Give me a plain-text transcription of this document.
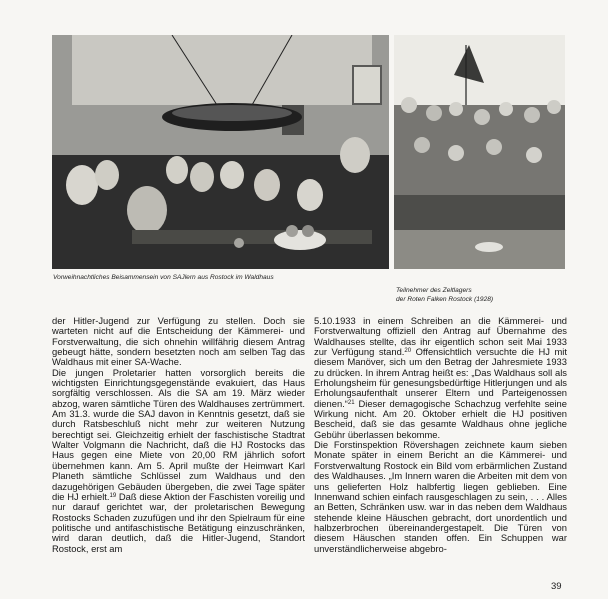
Vorweihnachtliches Beisammensein von SAJlern aus Rostock im Waldhaus
Teilnehmer des Zeltlagers
der Roten Falken Rostock (1928)

der Hitler-Jugend zur Verfügung zu stellen. Doch sie warteten nicht auf die Entscheidung der Kämmerei- und Forstverwaltung, die sich ohnehin willfährig diesem Antrag gebeugt hätte, sondern besetzten noch am selben Tag das Waldhaus mit einer SA-Wache.

Die jungen Proletarier hatten vorsorglich bereits die wichtigsten Einrichtungsgegenstände evakuiert, das Haus sorgfältig verschlossen. Als die SA am 19. März wieder abzog, waren sämtliche Türen des Waldhauses zertrümmert. Am 31.3. wurde die SAJ davon in Kenntnis gesetzt, daß sie durch Ratsbeschluß nicht mehr zur weiteren Nutzung berechtigt sei. Gleichzeitig erhielt der faschistische Stadtrat Walter Volgmann die Nachricht, daß die HJ Rostocks das Haus gegen eine Miete von 20,00 RM jährlich sofort übernehmen kann. Am 5. April mußte der Heimwart Karl Planeth sämtliche Schlüssel zum Waldhaus und den dazugehörigen Gebäuden übergeben, die zwei Tage später die HJ erhielt.$^{19}$ Daß diese Aktion der Faschisten voreilig und nur darauf gerichtet war, der proletarischen Bewegung Rostocks Schaden zuzufügen und ihr den Spielraum für eine politische und antifaschistische Betätigung einzuschränken, wird daran deutlich, daß die Hitler-Jugend, Standort Rostock, erst am

5.10.1933 in einem Schreiben an die Kämmerei- und Forstverwaltung offiziell den Antrag auf Übernahme des Waldhauses stellte, das ihr eigentlich schon seit Mai 1933 zur Verfügung stand.$^{20}$ Offensichtlich versuchte die HJ mit diesem Manöver, sich um den Betrag der Jahresmiete 1933 zu drücken. In ihrem Antrag heißt es: „Das Waldhaus soll als Erholungsheim für genesungsbedürftige Hitlerjungen und als Erholungsaufenthalt unserer Eltern und Parteigenossen dienen.“$^{21}$ Dieser demagogische Schachzug verfehlte seine Wirkung nicht. Am 20. Oktober erhielt die HJ positiven Bescheid, daß sie das gesamte Waldhaus ohne jegliche Gebühr überlassen bekomme.

Die Forstinspektion Rövershagen zeichnete kaum sieben Monate später in einem Bericht an die Kämmerei- und Forstverwaltung Rostock ein Bild vom erbärmlichen Zustand des Waldhauses. „Im Innern waren die Arbeiten mit dem von uns gelieferten Holz halbfertig liegen geblieben. Eine Innenwand schien einfach rausgeschlagen zu sein, . . . Alles an Betten, Schränken usw. war in das neben dem Waldhaus stehende kleine Häuschen gebracht, dort unordentlich und halbzerbrochen übereinandergestapelt. Die Türen von diesem Häuschen standen offen. Ein Schuppen war unverständlicherweise abgebro-

39
